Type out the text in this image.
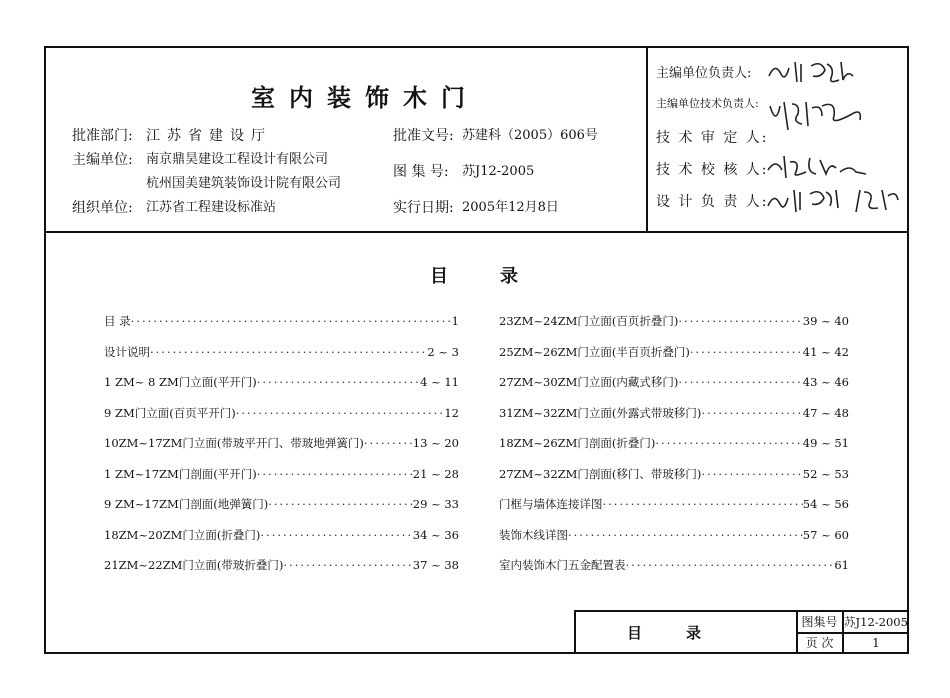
室内装饰木门
批准部门: 江苏省建设厅
主编单位: 南京鼎昊建设工程设计有限公司
杭州国美建筑装饰设计院有限公司
组织单位: 江苏省工程建设标准站
批准文号: 苏建科（2005）606号
图 集 号: 苏J12-2005
实行日期: 2005年12月8日
主编单位负责人:
主编单位技术负责人:
技 术 审 定 人:
技 术 校 核 人:
设 计 负 责 人:
目录
目 录 ·····	1
设计说明 ·····	2 ~ 3
1 ZM~ 8 ZM门立面(平开门) ·····	4 ~ 11
9 ZM门立面(百页平开门) ·····	12
10ZM~17ZM门立面(带玻平开门、带玻地弹簧门) ·····	13 ~ 20
1 ZM~17ZM门剖面(平开门) ·····	21 ~ 28
9 ZM~17ZM门剖面(地弹簧门) ·····	29 ~ 33
18ZM~20ZM门立面(折叠门) ·····	34 ~ 36
21ZM~22ZM门立面(带玻折叠门) ·····	37 ~ 38
23ZM~24ZM门立面(百页折叠门) ·····	39 ~ 40
25ZM~26ZM门立面(半百页折叠门) ·····	41 ~ 42
27ZM~30ZM门立面(内藏式移门) ·····	43 ~ 46
31ZM~32ZM门立面(外露式带玻移门) ·····	47 ~ 48
18ZM~26ZM门剖面(折叠门) ·····	49 ~ 51
27ZM~32ZM门剖面(移门、带玻移门) ·····	52 ~ 53
门框与墙体连接详图 ·····	54 ~ 56
装饰木线详图 ·····	57 ~ 60
室内装饰木门五金配置表 ·····	61
目录
图集号 苏J12-2005
页 次	1
